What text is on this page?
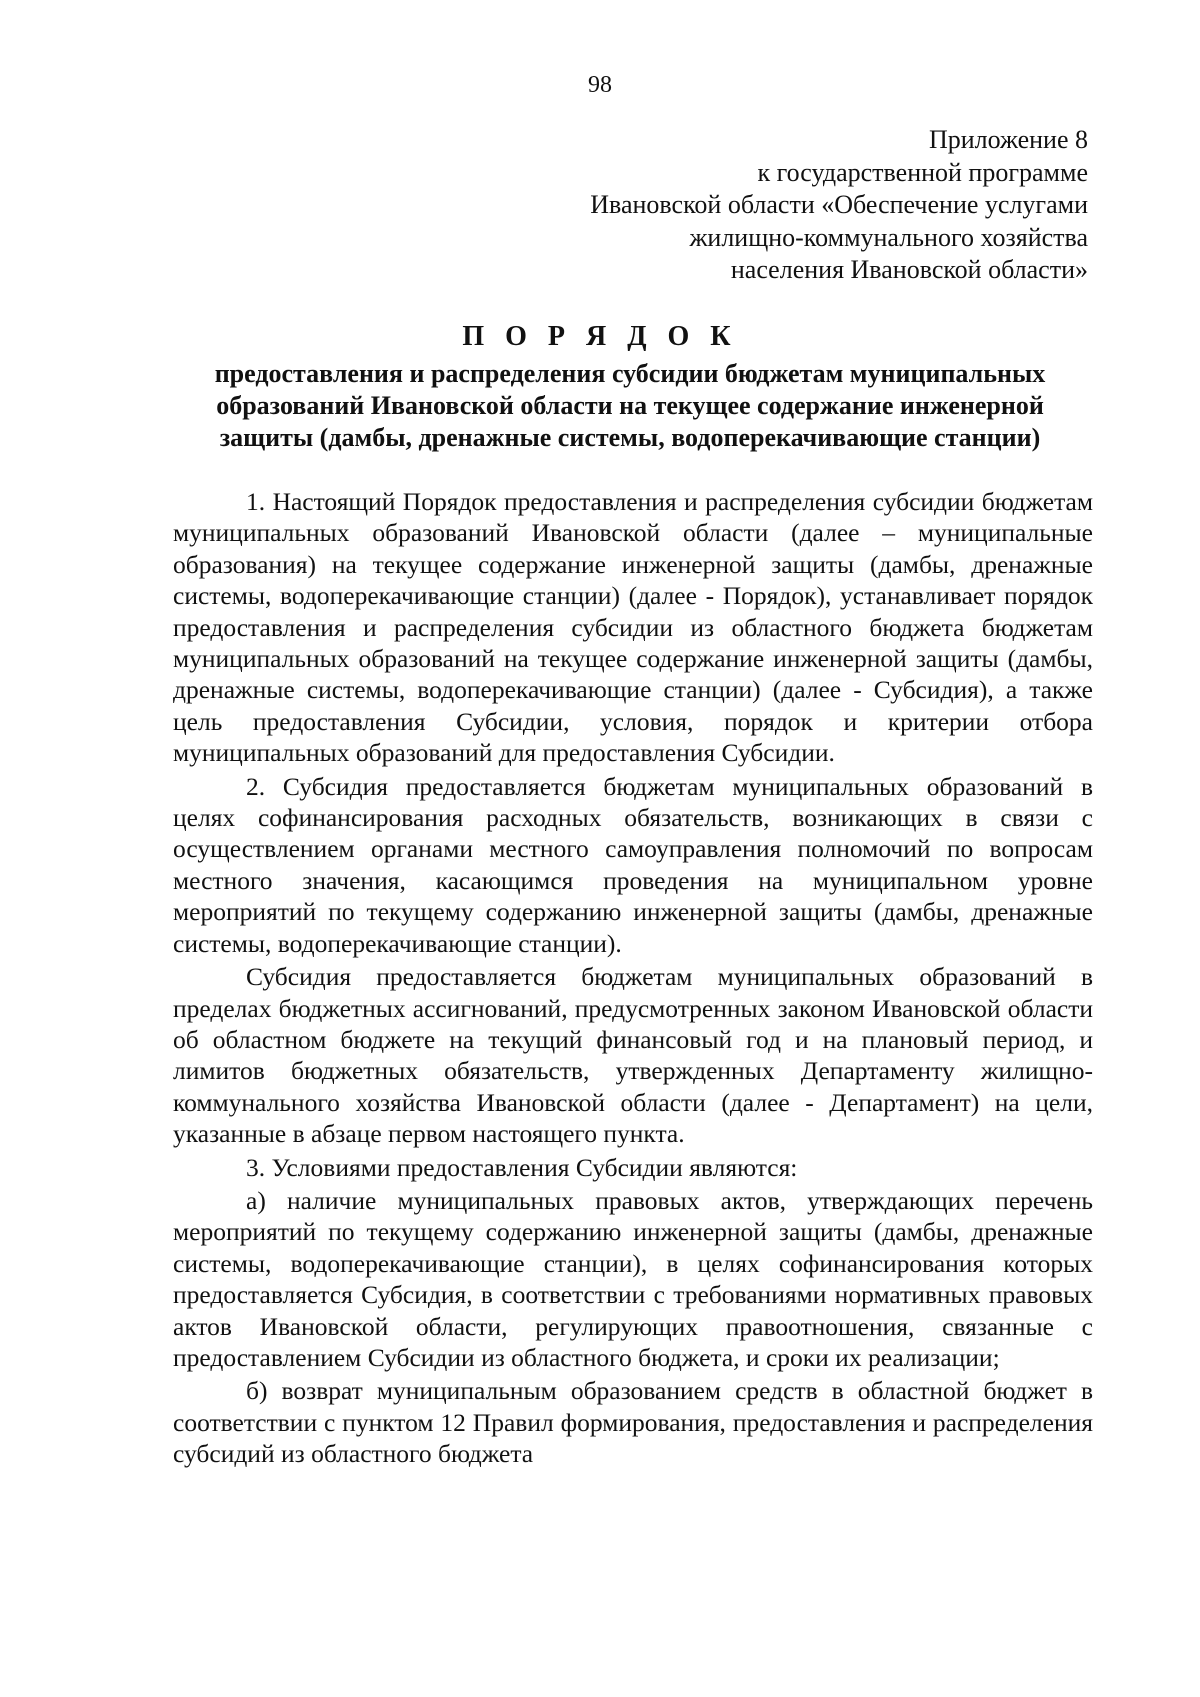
98
Приложение 8
к государственной программе
Ивановской области «Обеспечение услугами
жилищно-коммунального хозяйства
населения Ивановской области»
П О Р Я Д О К
предоставления и распределения субсидии бюджетам муниципальных
образований Ивановской области на текущее содержание инженерной
защиты (дамбы, дренажные системы, водоперекачивающие станции)

1. Настоящий Порядок предоставления и распределения субсидии бюджетам муниципальных образований Ивановской области (далее – муниципальные образования) на текущее содержание инженерной защиты (дамбы, дренажные системы, водоперекачивающие станции) (далее - Порядок), устанавливает порядок предоставления и распределения субсидии из областного бюджета бюджетам муниципальных образований на текущее содержание инженерной защиты (дамбы, дренажные системы, водоперекачивающие станции) (далее - Субсидия), а также цель предоставления Субсидии, условия, порядок и критерии отбора муниципальных образований для предоставления Субсидии.

2. Субсидия предоставляется бюджетам муниципальных образований в целях софинансирования расходных обязательств, возникающих в связи с осуществлением органами местного самоуправления полномочий по вопросам местного значения, касающимся проведения на муниципальном уровне мероприятий по текущему содержанию инженерной защиты (дамбы, дренажные системы, водоперекачивающие станции).

Субсидия предоставляется бюджетам муниципальных образований в пределах бюджетных ассигнований, предусмотренных законом Ивановской области об областном бюджете на текущий финансовый год и на плановый период, и лимитов бюджетных обязательств, утвержденных Департаменту жилищно-коммунального хозяйства Ивановской области (далее - Департамент) на цели, указанные в абзаце первом настоящего пункта.

3. Условиями предоставления Субсидии являются:

а) наличие муниципальных правовых актов, утверждающих перечень мероприятий по текущему содержанию инженерной защиты (дамбы, дренажные системы, водоперекачивающие станции), в целях софинансирования которых предоставляется Субсидия, в соответствии с требованиями нормативных правовых актов Ивановской области, регулирующих правоотношения, связанные с предоставлением Субсидии из областного бюджета, и сроки их реализации;

б) возврат муниципальным образованием средств в областной бюджет в соответствии с пунктом 12 Правил формирования, предоставления и распределения субсидий из областного бюджета
